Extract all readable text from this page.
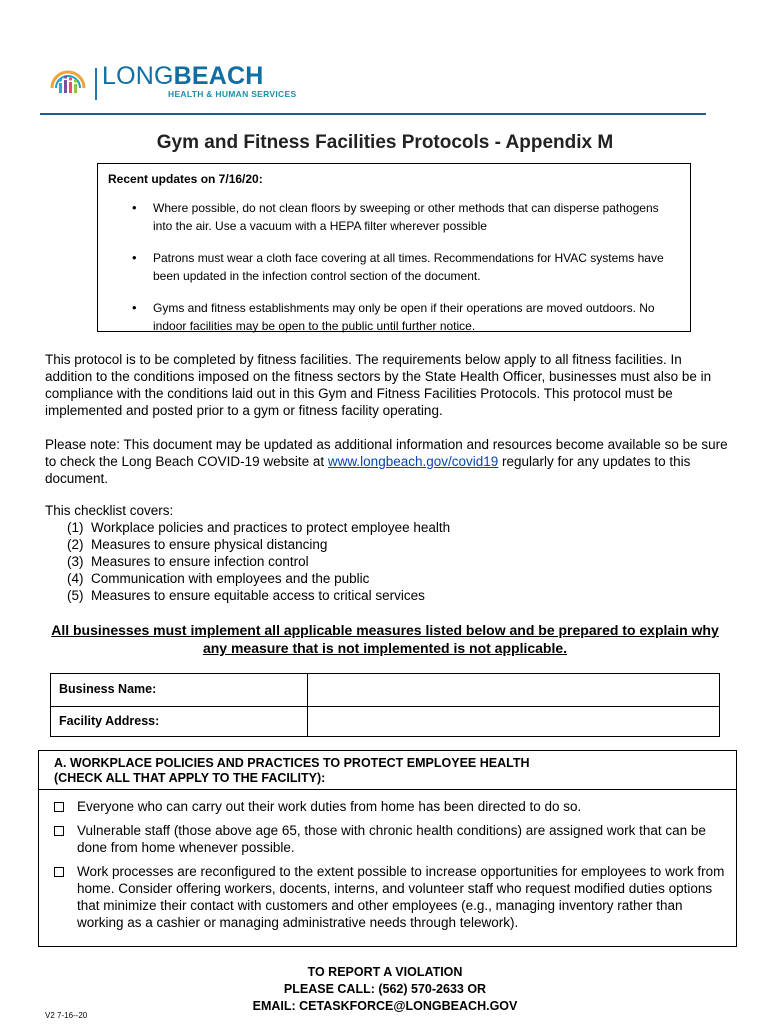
LONGBEACH
HEALTH & HUMAN SERVICES
Gym and Fitness Facilities Protocols - Appendix M
Recent updates on 7/16/20:
• Where possible, do not clean floors by sweeping or other methods that can disperse pathogens into the air. Use a vacuum with a HEPA filter wherever possible
• Patrons must wear a cloth face covering at all times. Recommendations for HVAC systems have been updated in the infection control section of the document.
• Gyms and fitness establishments may only be open if their operations are moved outdoors. No indoor facilities may be open to the public until further notice.
This protocol is to be completed by fitness facilities. The requirements below apply to all fitness facilities. In addition to the conditions imposed on the fitness sectors by the State Health Officer, businesses must also be in compliance with the conditions laid out in this Gym and Fitness Facilities Protocols. This protocol must be implemented and posted prior to a gym or fitness facility operating.
Please note: This document may be updated as additional information and resources become available so be sure to check the Long Beach COVID-19 website at www.longbeach.gov/covid19 regularly for any updates to this document.
This checklist covers:
(1) Workplace policies and practices to protect employee health
(2) Measures to ensure physical distancing
(3) Measures to ensure infection control
(4) Communication with employees and the public
(5) Measures to ensure equitable access to critical services
All businesses must implement all applicable measures listed below and be prepared to explain why any measure that is not implemented is not applicable.
Business Name:
Facility Address:
A. WORKPLACE POLICIES AND PRACTICES TO PROTECT EMPLOYEE HEALTH
(CHECK ALL THAT APPLY TO THE FACILITY):
Everyone who can carry out their work duties from home has been directed to do so.
Vulnerable staff (those above age 65, those with chronic health conditions) are assigned work that can be done from home whenever possible.
Work processes are reconfigured to the extent possible to increase opportunities for employees to work from home. Consider offering workers, docents, interns, and volunteer staff who request modified duties options that minimize their contact with customers and other employees (e.g., managing inventory rather than working as a cashier or managing administrative needs through telework).
TO REPORT A VIOLATION
PLEASE CALL: (562) 570-2633 OR
EMAIL: CETASKFORCE@LONGBEACH.GOV
V2 7-16--20
